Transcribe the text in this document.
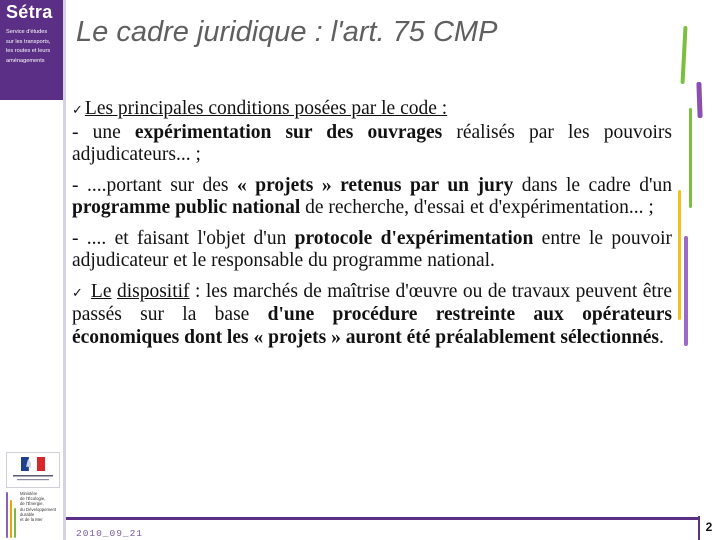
Sétra
Service d'études
sur les transports,
les routes et leurs
aménagements
Ministère
de l'Écologie,
de l'Énergie,
du Développement
durable
et de la Mer
Le cadre juridique : l'art. 75 CMP

✓ Les principales conditions posées par le code :

- une expérimentation sur des ouvrages réalisés par les pouvoirs adjudicateurs... ;

- ....portant sur des « projets » retenus par un jury dans le cadre d'un programme public national de recherche, d'essai et d'expérimentation... ;

- .... et faisant l'objet d'un protocole d'expérimentation entre le pouvoir adjudicateur et le responsable du programme national.

✓ Le dispositif : les marchés de maîtrise d'œuvre ou de travaux peuvent être passés sur la base d'une procédure restreinte aux opérateurs économiques dont les « projets » auront été préalablement sélectionnés.

2010_09_21	2
